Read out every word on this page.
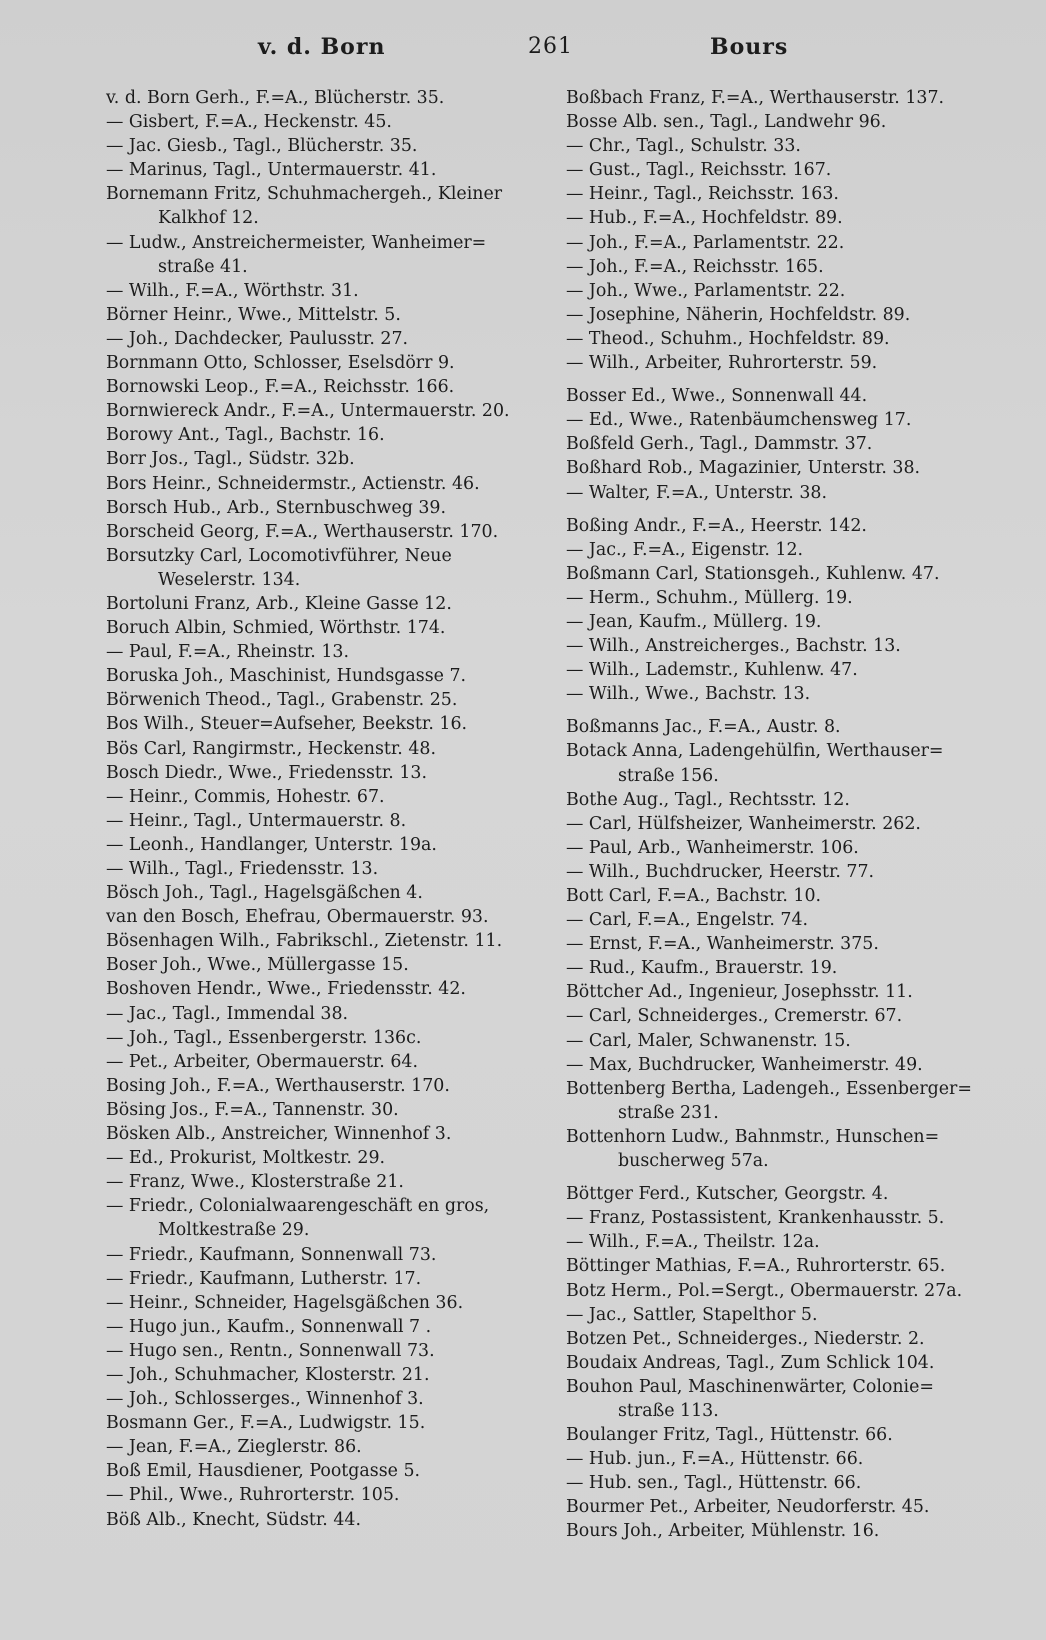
v. d. Born	261	Bours
v. d. Born Gerh., F.=A., Blücherstr. 35.
— Gisbert, F.=A., Heckenstr. 45.
— Jac. Giesb., Tagl., Blücherstr. 35.
— Marinus, Tagl., Untermauerstr. 41.
Bornemann Fritz, Schuhmachergeh., Kleiner
Kalkhof 12.
— Ludw., Anstreichermeister, Wanheimer=
straße 41.
— Wilh., F.=A., Wörthstr. 31.
Börner Heinr., Wwe., Mittelstr. 5.
— Joh., Dachdecker, Paulusstr. 27.
Bornmann Otto, Schlosser, Eselsdörr 9.
Bornowski Leop., F.=A., Reichsstr. 166.
Bornwiereck Andr., F.=A., Untermauerstr. 20.
Borowy Ant., Tagl., Bachstr. 16.
Borr Jos., Tagl., Südstr. 32b.
Bors Heinr., Schneidermstr., Actienstr. 46.
Borsch Hub., Arb., Sternbuschweg 39.
Borscheid Georg, F.=A., Werthauserstr. 170.
Borsutzky Carl, Locomotivführer, Neue
Weselerstr. 134.
Bortoluni Franz, Arb., Kleine Gasse 12.
Boruch Albin, Schmied, Wörthstr. 174.
— Paul, F.=A., Rheinstr. 13.
Boruska Joh., Maschinist, Hundsgasse 7.
Börwenich Theod., Tagl., Grabenstr. 25.
Bos Wilh., Steuer=Aufseher, Beekstr. 16.
Bös Carl, Rangirmstr., Heckenstr. 48.
Bosch Diedr., Wwe., Friedensstr. 13.
— Heinr., Commis, Hohestr. 67.
— Heinr., Tagl., Untermauerstr. 8.
— Leonh., Handlanger, Unterstr. 19a.
— Wilh., Tagl., Friedensstr. 13.
Bösch Joh., Tagl., Hagelsgäßchen 4.
van den Bosch, Ehefrau, Obermauerstr. 93.
Bösenhagen Wilh., Fabrikschl., Zietenstr. 11.
Boser Joh., Wwe., Müllergasse 15.
Boshoven Hendr., Wwe., Friedensstr. 42.
— Jac., Tagl., Immendal 38.
— Joh., Tagl., Essenbergerstr. 136c.
— Pet., Arbeiter, Obermauerstr. 64.
Bosing Joh., F.=A., Werthauserstr. 170.
Bösing Jos., F.=A., Tannenstr. 30.
Bösken Alb., Anstreicher, Winnenhof 3.
— Ed., Prokurist, Moltkestr. 29.
— Franz, Wwe., Klosterstraße 21.
— Friedr., Colonialwaarengeschäft en gros,
Moltkestraße 29.
— Friedr., Kaufmann, Sonnenwall 73.
— Friedr., Kaufmann, Lutherstr. 17.
— Heinr., Schneider, Hagelsgäßchen 36.
— Hugo jun., Kaufm., Sonnenwall 7 .
— Hugo sen., Rentn., Sonnenwall 73.
— Joh., Schuhmacher, Klosterstr. 21.
— Joh., Schlosserges., Winnenhof 3.
Bosmann Ger., F.=A., Ludwigstr. 15.
— Jean, F.=A., Zieglerstr. 86.
Boß Emil, Hausdiener, Pootgasse 5.
— Phil., Wwe., Ruhrorterstr. 105.
Böß Alb., Knecht, Südstr. 44.
Boßbach Franz, F.=A., Werthauserstr. 137.
Bosse Alb. sen., Tagl., Landwehr 96.
— Chr., Tagl., Schulstr. 33.
— Gust., Tagl., Reichsstr. 167.
— Heinr., Tagl., Reichsstr. 163.
— Hub., F.=A., Hochfeldstr. 89.
— Joh., F.=A., Parlamentstr. 22.
— Joh., F.=A., Reichsstr. 165.
— Joh., Wwe., Parlamentstr. 22.
— Josephine, Näherin, Hochfeldstr. 89.
— Theod., Schuhm., Hochfeldstr. 89.
— Wilh., Arbeiter, Ruhrorterstr. 59.
Bosser Ed., Wwe., Sonnenwall 44.
— Ed., Wwe., Ratenbäumchensweg 17.
Boßfeld Gerh., Tagl., Dammstr. 37.
Boßhard Rob., Magazinier, Unterstr. 38.
— Walter, F.=A., Unterstr. 38.
Boßing Andr., F.=A., Heerstr. 142.
— Jac., F.=A., Eigenstr. 12.
Boßmann Carl, Stationsgeh., Kuhlenw. 47.
— Herm., Schuhm., Müllerg. 19.
— Jean, Kaufm., Müllerg. 19.
— Wilh., Anstreicherges., Bachstr. 13.
— Wilh., Lademstr., Kuhlenw. 47.
— Wilh., Wwe., Bachstr. 13.
Boßmanns Jac., F.=A., Austr. 8.
Botack Anna, Ladengehülfin, Werthauser=
straße 156.
Bothe Aug., Tagl., Rechtsstr. 12.
— Carl, Hülfsheizer, Wanheimerstr. 262.
— Paul, Arb., Wanheimerstr. 106.
— Wilh., Buchdrucker, Heerstr. 77.
Bott Carl, F.=A., Bachstr. 10.
— Carl, F.=A., Engelstr. 74.
— Ernst, F.=A., Wanheimerstr. 375.
— Rud., Kaufm., Brauerstr. 19.
Böttcher Ad., Ingenieur, Josephsstr. 11.
— Carl, Schneiderges., Cremerstr. 67.
— Carl, Maler, Schwanenstr. 15.
— Max, Buchdrucker, Wanheimerstr. 49.
Bottenberg Bertha, Ladengeh., Essenberger=
straße 231.
Bottenhorn Ludw., Bahnmstr., Hunschen=
buscherweg 57a.
Böttger Ferd., Kutscher, Georgstr. 4.
— Franz, Postassistent, Krankenhausstr. 5.
— Wilh., F.=A., Theilstr. 12a.
Böttinger Mathias, F.=A., Ruhrorterstr. 65.
Botz Herm., Pol.=Sergt., Obermauerstr. 27a.
— Jac., Sattler, Stapelthor 5.
Botzen Pet., Schneiderges., Niederstr. 2.
Boudaix Andreas, Tagl., Zum Schlick 104.
Bouhon Paul, Maschinenwärter, Colonie=
straße 113.
Boulanger Fritz, Tagl., Hüttenstr. 66.
— Hub. jun., F.=A., Hüttenstr. 66.
— Hub. sen., Tagl., Hüttenstr. 66.
Bourmer Pet., Arbeiter, Neudorferstr. 45.
Bours Joh., Arbeiter, Mühlenstr. 16.
